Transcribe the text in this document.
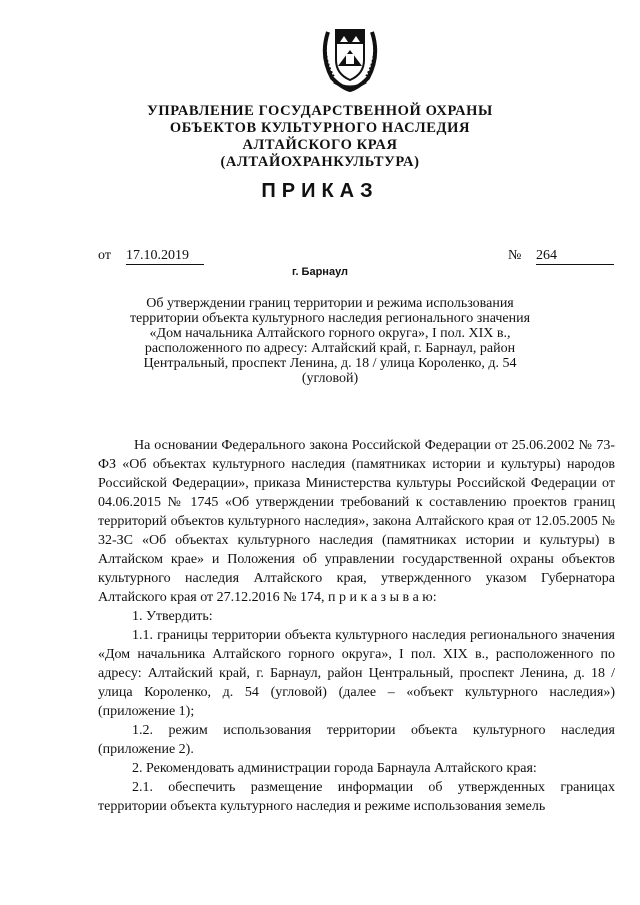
УПРАВЛЕНИЕ ГОСУДАРСТВЕННОЙ ОХРАНЫ
ОБЪЕКТОВ КУЛЬТУРНОГО НАСЛЕДИЯ
АЛТАЙСКОГО КРАЯ
(АЛТАЙОХРАНКУЛЬТУРА)
ПРИКАЗ
от 17.10.2019	№ 264
г. Барнаул
Об утверждении границ территории и режима использования территории объекта культурного наследия регионального значения «Дом начальника Алтайского горного округа», I пол. XIX в., расположенного по адресу: Алтайский край, г. Барнаул, район Центральный, проспект Ленина, д. 18 / улица Короленко, д. 54 (угловой)

На основании Федерального закона Российской Федерации от 25.06.2002 № 73-ФЗ «Об объектах культурного наследия (памятниках истории и культуры) народов Российской Федерации», приказа Министерства культуры Российской Федерации от 04.06.2015 № 1745 «Об утверждении требований к составлению проектов границ территорий объектов культурного наследия», закона Алтайского края от 12.05.2005 № 32-ЗС «Об объектах культурного наследия (памятниках истории и культуры) в Алтайском крае» и Положения об управлении государственной охраны объектов культурного наследия Алтайского края, утвержденного указом Губернатора Алтайского края от 27.12.2016 № 174, п р и к а з ы в а ю:

1. Утвердить:

1.1. границы территории объекта культурного наследия регионального значения «Дом начальника Алтайского горного округа», I пол. XIX в., расположенного по адресу: Алтайский край, г. Барнаул, район Центральный, проспект Ленина, д. 18 / улица Короленко, д. 54 (угловой) (далее – «объект культурного наследия») (приложение 1);

1.2. режим использования территории объекта культурного наследия (приложение 2).

2. Рекомендовать администрации города Барнаула Алтайского края:

2.1. обеспечить размещение информации об утвержденных границах территории объекта культурного наследия и режиме использования земель
